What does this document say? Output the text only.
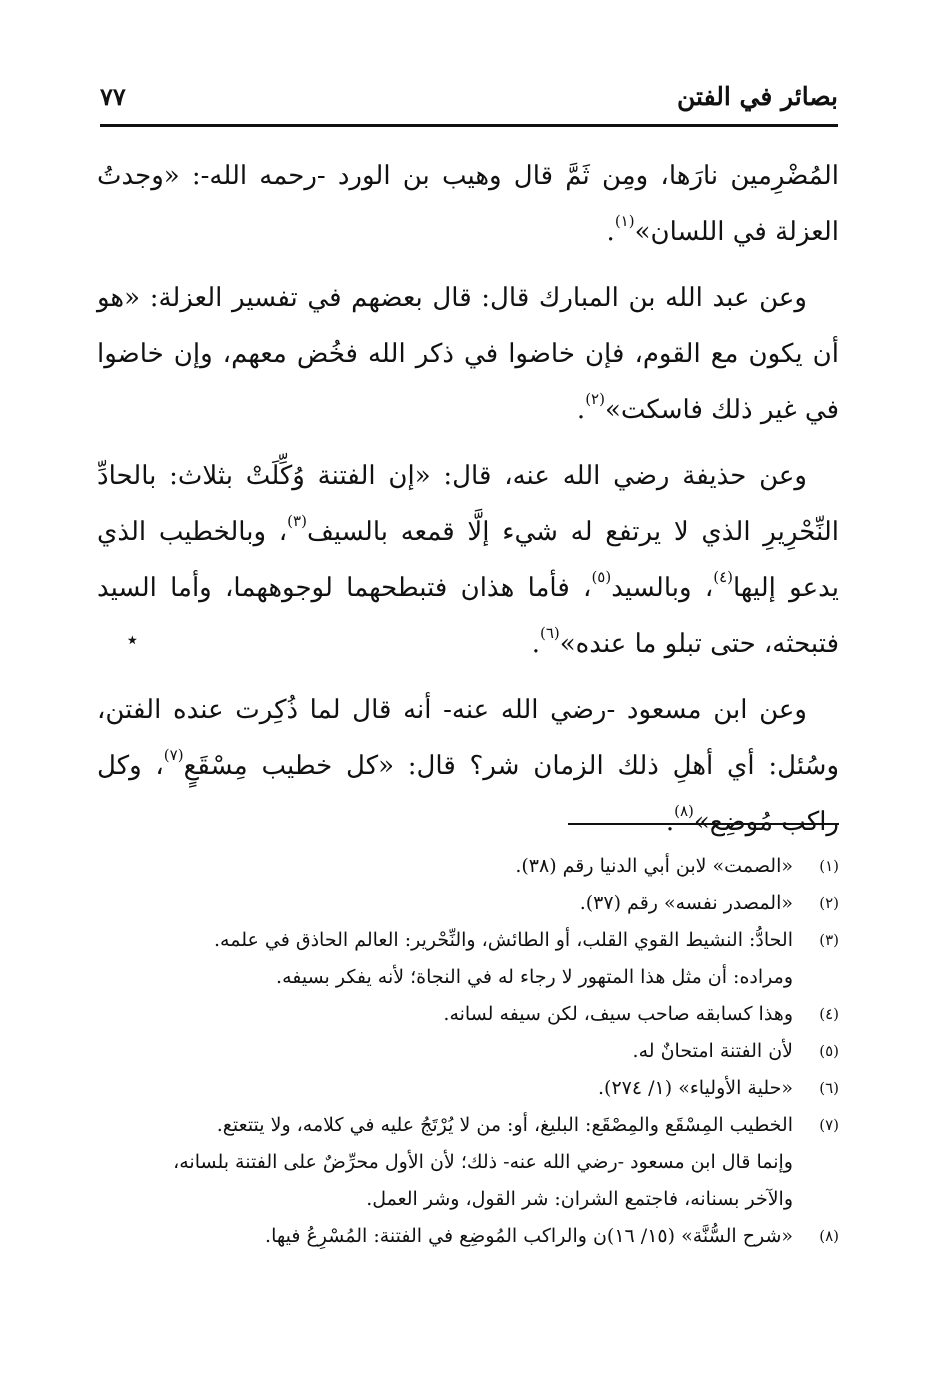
بصائر في الفتن
٧٧

المُضْرِمين نارَها، ومِن ثَمَّ قال وهيب بن الورد -رحمه الله-: «وجدتُ العزلة في اللسان»$^{(١)}$.

وعن عبد الله بن المبارك قال: قال بعضهم في تفسير العزلة: «هو أن يكون مع القوم، فإن خاضوا في ذكر الله فخُض معهم، وإن خاضوا في غير ذلك فاسكت»$^{(٢)}$.

وعن حذيفة رضي الله عنه، قال: «إن الفتنة وُكِّلَتْ بثلاث: بالحادِّ النِّحْرِيرِ الذي لا يرتفع له شيء إلَّا قمعه بالسيف$^{(٣)}$، وبالخطيب الذي يدعو إليها$^{(٤)}$، وبالسيد$^{(٥)}$، فأما هذان فتبطحهما لوجوههما، وأما السيد فتبحثه، حتى تبلو ما عنده»$^{(٦)}$.

وعن ابن مسعود -رضي الله عنه- أنه قال لما ذُكِرت عنده الفتن، وسُئل: أي أهلِ ذلك الزمان شر؟ قال: «كل خطيب مِسْقَعٍ$^{(٧)}$، وكل راكب مُوضِع»$^{(٨)}$.

٭
(١)
«الصمت» لابن أبي الدنيا رقم (٣٨).
(٢)
«المصدر نفسه» رقم (٣٧).
(٣)
الحادُّ: النشيط القوي القلب، أو الطائش، والنِّحْرير: العالم الحاذق في علمه.
ومراده: أن مثل هذا المتهور لا رجاء له في النجاة؛ لأنه يفكر بسيفه.
(٤)
وهذا كسابقه صاحب سيف، لكن سيفه لسانه.
(٥)
لأن الفتنة امتحانٌ له.
(٦)
«حلية الأولياء» (١/ ٢٧٤).
(٧)
الخطيب المِسْقَع والمِصْقَع: البليغ، أو: من لا يُرْتَجُ عليه في كلامه، ولا يتتعتع.
وإنما قال ابن مسعود -رضي الله عنه- ذلك؛ لأن الأول محرِّضٌ على الفتنة بلسانه،
والآخر بسنانه، فاجتمع الشران: شر القول، وشر العمل.
(٨)
«شرح السُّنَّة» (١٥/ ١٦)ن والراكب المُوضِع في الفتنة: المُسْرِعُ فيها.
